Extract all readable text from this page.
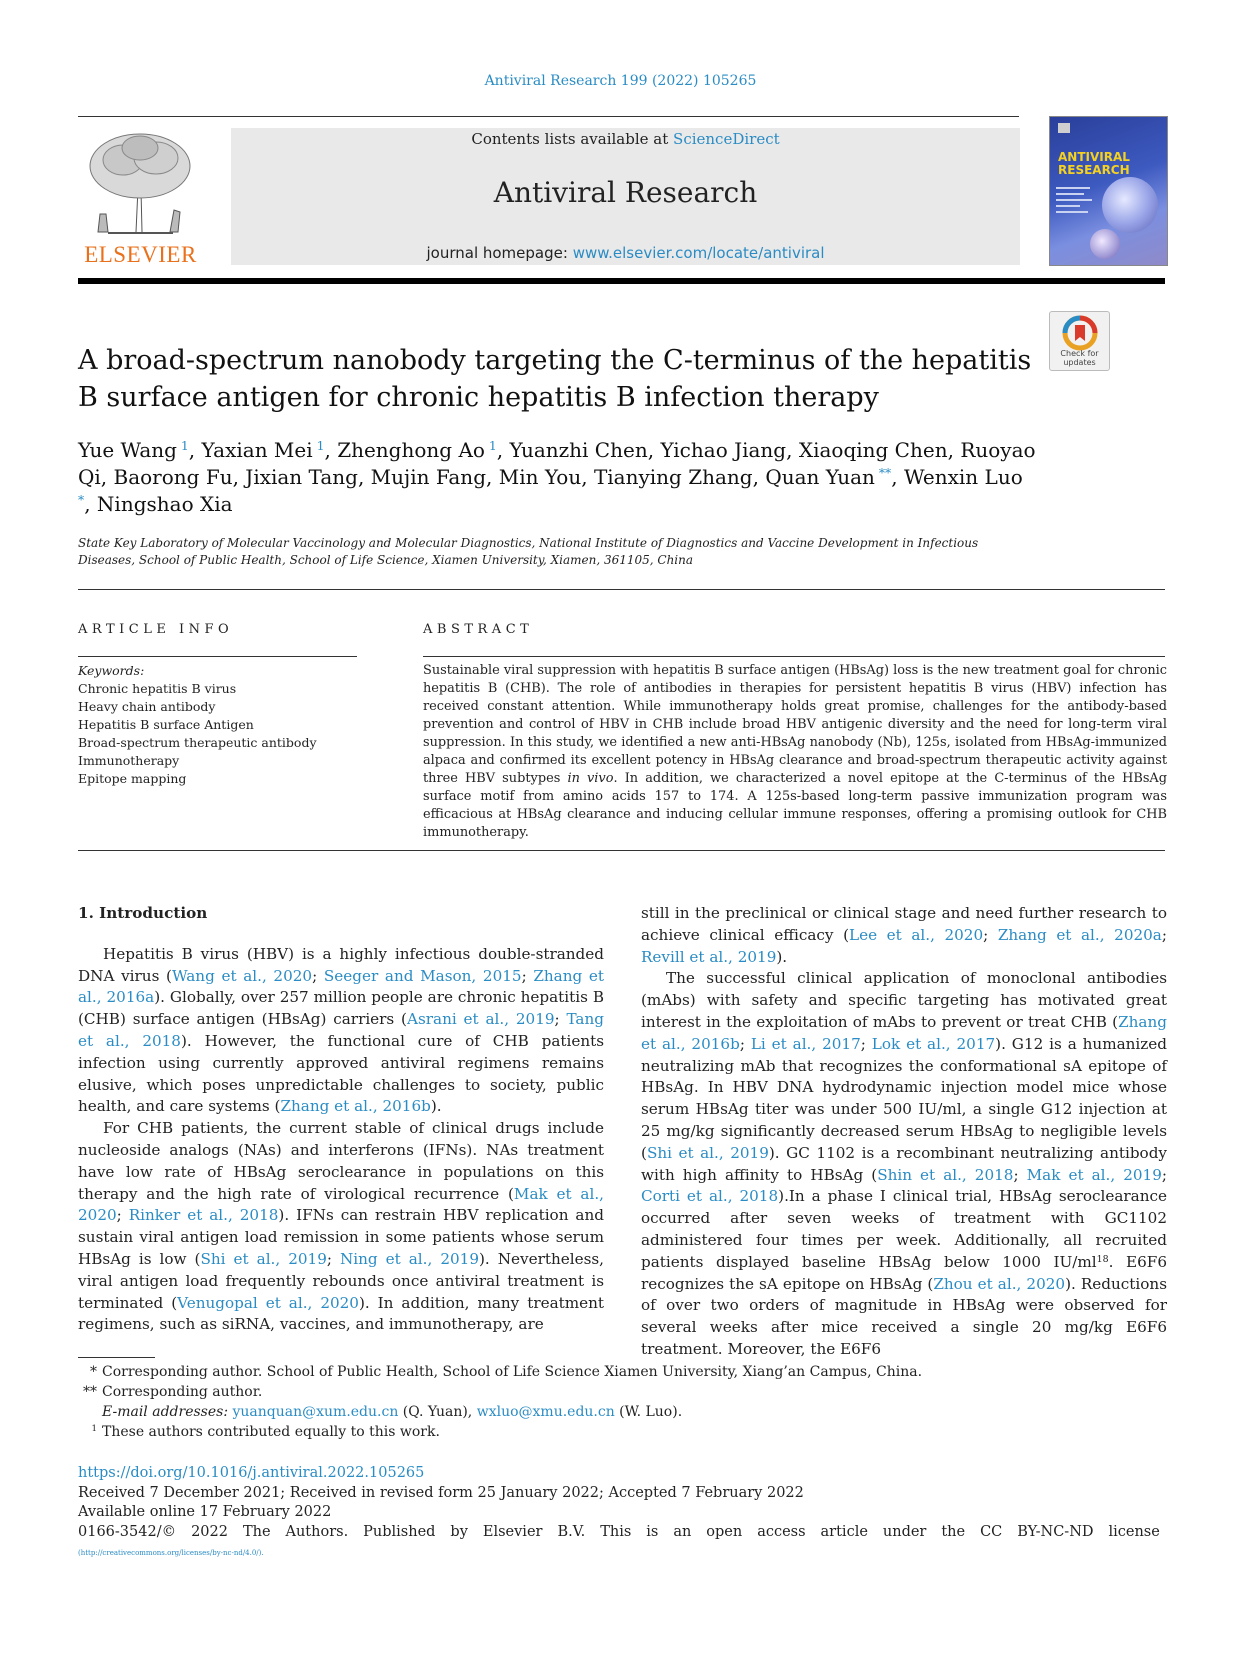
Antiviral Research 199 (2022) 105265
ELSEVIER
Contents lists available at ScienceDirect
Antiviral Research
journal homepage: www.elsevier.com/locate/antiviral
ANTIVIRAL
RESEARCH
Check for updates
A broad-spectrum nanobody targeting the C-terminus of the hepatitis B surface antigen for chronic hepatitis B infection therapy
Yue Wang $^1$, Yaxian Mei $^1$, Zhenghong Ao $^1$, Yuanzhi Chen, Yichao Jiang, Xiaoqing Chen, Ruoyao Qi, Baorong Fu, Jixian Tang, Mujin Fang, Min You, Tianying Zhang, Quan Yuan **, Wenxin Luo *, Ningshao Xia
State Key Laboratory of Molecular Vaccinology and Molecular Diagnostics, National Institute of Diagnostics and Vaccine Development in Infectious Diseases, School of Public Health, School of Life Science, Xiamen University, Xiamen, 361105, China
ARTICLE INFO	ABSTRACT
Keywords:
Chronic hepatitis B virus
Heavy chain antibody
Hepatitis B surface Antigen
Broad-spectrum therapeutic antibody
Immunotherapy
Epitope mapping
Sustainable viral suppression with hepatitis B surface antigen (HBsAg) loss is the new treatment goal for chronic hepatitis B (CHB). The role of antibodies in therapies for persistent hepatitis B virus (HBV) infection has received constant attention. While immunotherapy holds great promise, challenges for the antibody-based prevention and control of HBV in CHB include broad HBV antigenic diversity and the need for long-term viral suppression. In this study, we identified a new anti-HBsAg nanobody (Nb), 125s, isolated from HBsAg-immunized alpaca and confirmed its excellent potency in HBsAg clearance and broad-spectrum therapeutic activity against three HBV subtypes in vivo. In addition, we characterized a novel epitope at the C-terminus of the HBsAg surface motif from amino acids 157 to 174. A 125s-based long-term passive immunization program was efficacious at HBsAg clearance and inducing cellular immune responses, offering a promising outlook for CHB immunotherapy.

1. Introduction

Hepatitis B virus (HBV) is a highly infectious double-stranded DNA virus (Wang et al., 2020; Seeger and Mason, 2015; Zhang et al., 2016a). Globally, over 257 million people are chronic hepatitis B (CHB) surface antigen (HBsAg) carriers (Asrani et al., 2019; Tang et al., 2018). However, the functional cure of CHB patients infection using currently approved antiviral regimens remains elusive, which poses unpredictable challenges to society, public health, and care systems (Zhang et al., 2016b).

For CHB patients, the current stable of clinical drugs include nucleoside analogs (NAs) and interferons (IFNs). NAs treatment have low rate of HBsAg seroclearance in populations on this therapy and the high rate of virological recurrence (Mak et al., 2020; Rinker et al., 2018). IFNs can restrain HBV replication and sustain viral antigen load remission in some patients whose serum HBsAg is low (Shi et al., 2019; Ning et al., 2019). Nevertheless, viral antigen load frequently rebounds once antiviral treatment is terminated (Venugopal et al., 2020). In addition, many treatment regimens, such as siRNA, vaccines, and immunotherapy, are

still in the preclinical or clinical stage and need further research to achieve clinical efficacy (Lee et al., 2020; Zhang et al., 2020a; Revill et al., 2019).

The successful clinical application of monoclonal antibodies (mAbs) with safety and specific targeting has motivated great interest in the exploitation of mAbs to prevent or treat CHB (Zhang et al., 2016b; Li et al., 2017; Lok et al., 2017). G12 is a humanized neutralizing mAb that recognizes the conformational sA epitope of HBsAg. In HBV DNA hydrodynamic injection model mice whose serum HBsAg titer was under 500 IU/ml, a single G12 injection at 25 mg/kg significantly decreased serum HBsAg to negligible levels (Shi et al., 2019). GC 1102 is a recombinant neutralizing antibody with high affinity to HBsAg (Shin et al., 2018; Mak et al., 2019; Corti et al., 2018).In a phase I clinical trial, HBsAg seroclearance occurred after seven weeks of treatment with GC1102 administered four times per week. Additionally, all recruited patients displayed baseline HBsAg below 1000 $IU/ml^{18}$. E6F6 recognizes the sA epitope on HBsAg (Zhou et al., 2020). Reductions of over two orders of magnitude in HBsAg were observed for several weeks after mice received a single 20 mg/kg E6F6 treatment. Moreover, the E6F6

* Corresponding author. School of Public Health, School of Life Science Xiamen University, Xiang’an Campus, China.
** Corresponding author.
E-mail addresses: yuanquan@xum.edu.cn (Q. Yuan), wxluo@xmu.edu.cn (W. Luo).
$^1$ These authors contributed equally to this work.
https://doi.org/10.1016/j.antiviral.2022.105265
Received 7 December 2021; Received in revised form 25 January 2022; Accepted 7 February 2022
Available online 17 February 2022
0166-3542/© 2022 The Authors. Published by Elsevier B.V. This is an open access article under the CC BY-NC-ND license
(http://creativecommons.org/licenses/by-nc-nd/4.0/).
